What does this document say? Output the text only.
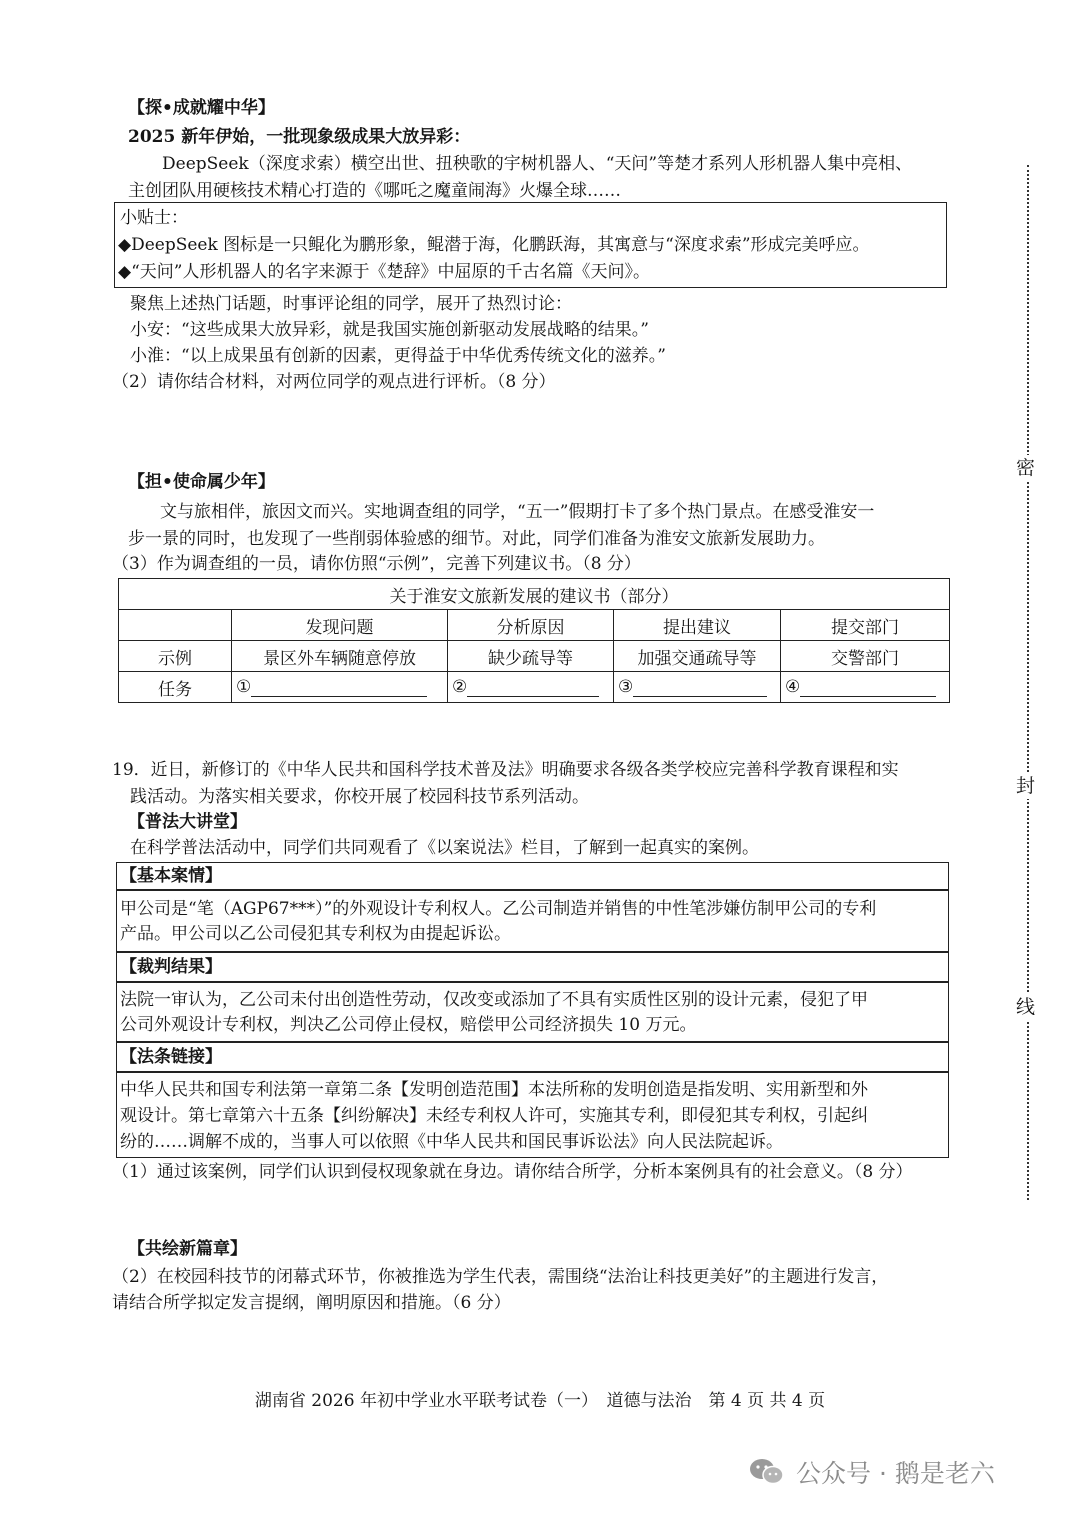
【探•成就耀中华】
2025 新年伊始，一批现象级成果大放异彩：
DeepSeek（深度求索）横空出世、扭秧歌的宇树机器人、“天问”等楚才系列人形机器人集中亮相、
主创团队用硬核技术精心打造的《哪吒之魔童闹海》火爆全球……
小贴士：
◆DeepSeek 图标是一只鲲化为鹏形象，鲲潜于海，化鹏跃海，其寓意与“深度求索”形成完美呼应。
◆“天问”人形机器人的名字来源于《楚辞》中屈原的千古名篇《天问》。
聚焦上述热门话题，时事评论组的同学，展开了热烈讨论：
小安：“这些成果大放异彩，就是我国实施创新驱动发展战略的结果。”
小淮：“以上成果虽有创新的因素，更得益于中华优秀传统文化的滋养。”
（2）请你结合材料，对两位同学的观点进行评析。（8 分）
【担•使命属少年】
文与旅相伴，旅因文而兴。实地调查组的同学，“五一”假期打卡了多个热门景点。在感受淮安一
步一景的同时，也发现了一些削弱体验感的细节。对此，同学们准备为淮安文旅新发展助力。
（3）作为调查组的一员，请你仿照“示例”，完善下列建议书。（8 分）
关于淮安文旅新发展的建议书（部分）				
	发现问题	分析原因	提出建议	提交部门
示例	景区外车辆随意停放	缺少疏导等	加强交通疏导等	交警部门
任务	①	②	③	④
19．近日，新修订的《中华人民共和国科学技术普及法》明确要求各级各类学校应完善科学教育课程和实
践活动。为落实相关要求，你校开展了校园科技节系列活动。
【普法大讲堂】
在科学普法活动中，同学们共同观看了《以案说法》栏目，了解到一起真实的案例。
【基本案情】
甲公司是“笔（AGP67***）”的外观设计专利权人。乙公司制造并销售的中性笔涉嫌仿制甲公司的专利
产品。甲公司以乙公司侵犯其专利权为由提起诉讼。
【裁判结果】
法院一审认为，乙公司未付出创造性劳动，仅改变或添加了不具有实质性区别的设计元素，侵犯了甲
公司外观设计专利权，判决乙公司停止侵权，赔偿甲公司经济损失 10 万元。
【法条链接】
中华人民共和国专利法第一章第二条【发明创造范围】本法所称的发明创造是指发明、实用新型和外
观设计。第七章第六十五条【纠纷解决】未经专利权人许可，实施其专利，即侵犯其专利权，引起纠
纷的……调解不成的，当事人可以依照《中华人民共和国民事诉讼法》向人民法院起诉。
（1）通过该案例，同学们认识到侵权现象就在身边。请你结合所学，分析本案例具有的社会意义。（8 分）
【共绘新篇章】
（2）在校园科技节的闭幕式环节，你被推选为学生代表，需围绕“法治让科技更美好”的主题进行发言，
请结合所学拟定发言提纲，阐明原因和措施。（6 分）
密
封
线
湖南省 2026 年初中学业水平联考试卷（一）　道德与法治　第 4 页 共 4 页
公众号 · 鹅是老六
